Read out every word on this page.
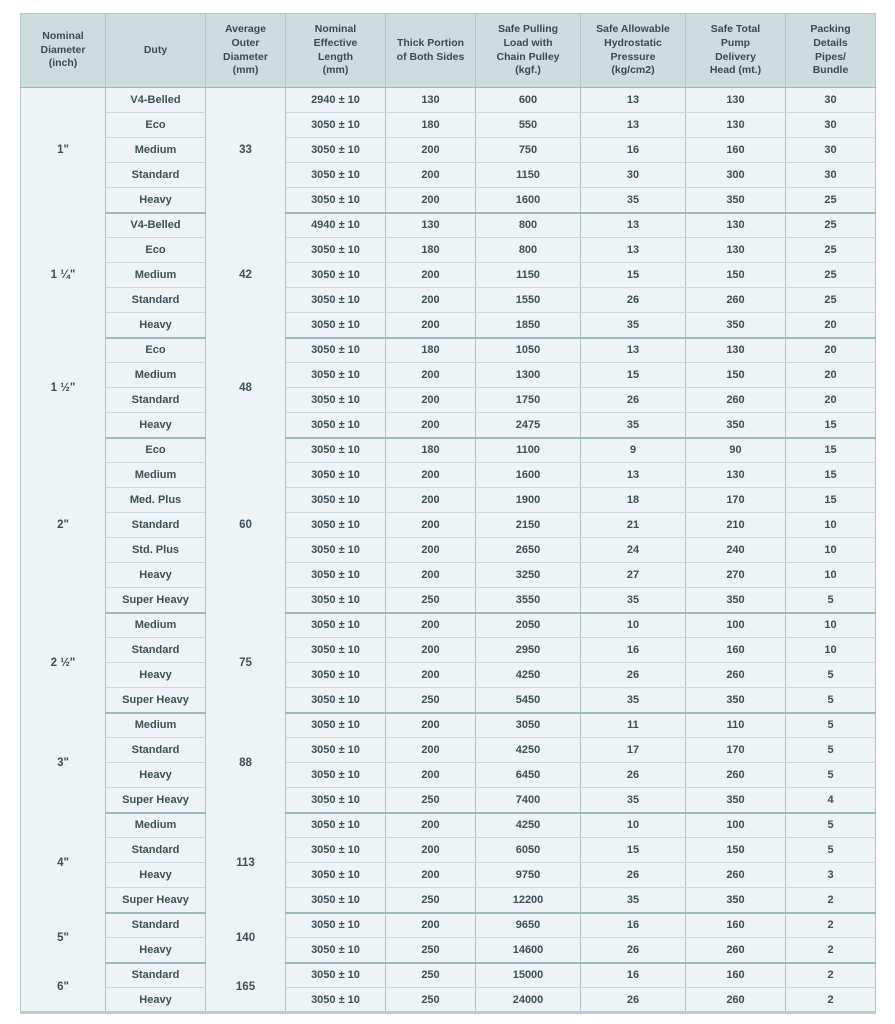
Nominal
Diameter
(inch)	Duty	Average
Outer
Diameter
(mm)	Nominal
Effective
Length
(mm)	Thick Portion
of Both Sides	Safe Pulling
Load with
Chain Pulley
(kgf.)	Safe Allowable
Hydrostatic
Pressure
(kg/cm2)	Safe Total
Pump
Delivery
Head (mt.)	Packing
Details
Pipes/
Bundle
1"	V4-Belled	33	2940 ± 10	130	600	13	130	30
	Eco		3050 ± 10	180	550	13	130	30
	Medium		3050 ± 10	200	750	16	160	30
	Standard		3050 ± 10	200	1150	30	300	30
	Heavy		3050 ± 10	200	1600	35	350	25
1 ¼"	V4-Belled	42	4940 ± 10	130	800	13	130	25
	Eco		3050 ± 10	180	800	13	130	25
	Medium		3050 ± 10	200	1150	15	150	25
	Standard		3050 ± 10	200	1550	26	260	25
	Heavy		3050 ± 10	200	1850	35	350	20
1 ½"	Eco	48	3050 ± 10	180	1050	13	130	20
	Medium		3050 ± 10	200	1300	15	150	20
	Standard		3050 ± 10	200	1750	26	260	20
	Heavy		3050 ± 10	200	2475	35	350	15
2"	Eco	60	3050 ± 10	180	1100	9	90	15
	Medium		3050 ± 10	200	1600	13	130	15
	Med. Plus		3050 ± 10	200	1900	18	170	15
	Standard		3050 ± 10	200	2150	21	210	10
	Std. Plus		3050 ± 10	200	2650	24	240	10
	Heavy		3050 ± 10	200	3250	27	270	10
	Super Heavy		3050 ± 10	250	3550	35	350	5
2 ½"	Medium	75	3050 ± 10	200	2050	10	100	10
	Standard		3050 ± 10	200	2950	16	160	10
	Heavy		3050 ± 10	200	4250	26	260	5
	Super Heavy		3050 ± 10	250	5450	35	350	5
3"	Medium	88	3050 ± 10	200	3050	11	110	5
	Standard		3050 ± 10	200	4250	17	170	5
	Heavy		3050 ± 10	200	6450	26	260	5
	Super Heavy		3050 ± 10	250	7400	35	350	4
4"	Medium	113	3050 ± 10	200	4250	10	100	5
	Standard		3050 ± 10	200	6050	15	150	5
	Heavy		3050 ± 10	200	9750	26	260	3
	Super Heavy		3050 ± 10	250	12200	35	350	2
5"	Standard	140	3050 ± 10	200	9650	16	160	2
	Heavy		3050 ± 10	250	14600	26	260	2
6"	Standard	165	3050 ± 10	250	15000	16	160	2
	Heavy		3050 ± 10	250	24000	26	260	2
